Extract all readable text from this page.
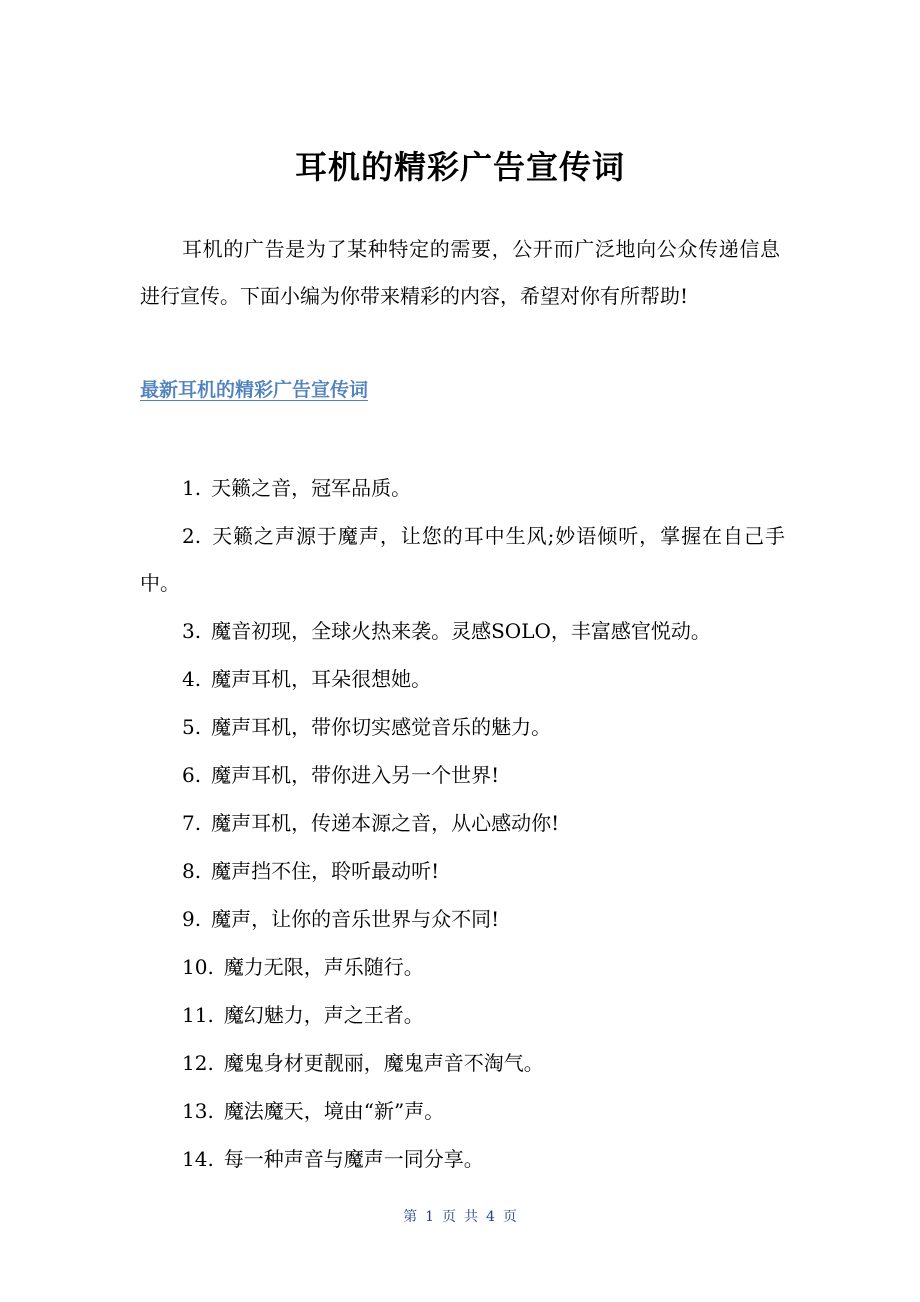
耳机的精彩广告宣传词

耳机的广告是为了某种特定的需要，公开而广泛地向公众传递信息进行宣传。下面小编为你带来精彩的内容，希望对你有所帮助!

最新耳机的精彩广告宣传词
1. 天籁之音，冠军品质。
2. 天籁之声源于魔声，让您的耳中生风;妙语倾听，掌握在自己手中。
3. 魔音初现，全球火热来袭。灵感SOLO，丰富感官悦动。
4. 魔声耳机，耳朵很想她。
5. 魔声耳机，带你切实感觉音乐的魅力。
6. 魔声耳机，带你进入另一个世界!
7. 魔声耳机，传递本源之音，从心感动你!
8. 魔声挡不住，聆听最动听!
9. 魔声，让你的音乐世界与众不同!
10. 魔力无限，声乐随行。
11. 魔幻魅力，声之王者。
12. 魔鬼身材更靓丽，魔鬼声音不淘气。
13. 魔法魔天，境由“新”声。
14. 每一种声音与魔声一同分享。
第 1 页 共 4 页
